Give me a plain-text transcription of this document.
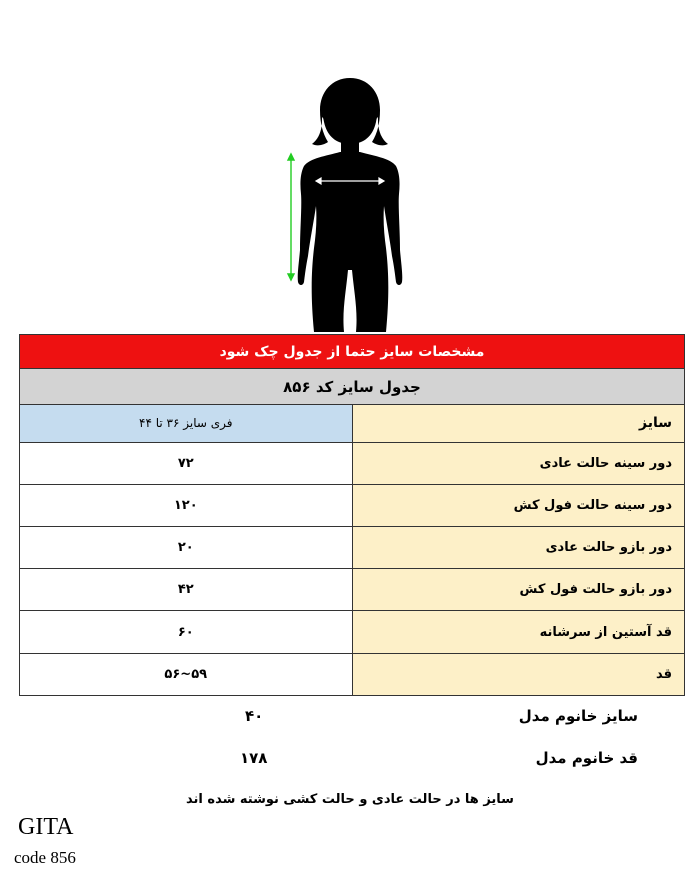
مشخصات سایز حتما از جدول چک شود	
جدول سایز کد ۸۵۶	
سایز	فری سایز ۳۶ تا ۴۴
دور سینه حالت عادی	۷۲
دور سینه حالت فول کش	۱۲۰
دور بازو حالت عادی	۲۰
دور بازو حالت فول کش	۴۲
قد آستین از سرشانه	۶۰
قد	۵۹~۵۶
سایز خانوم مدل
۴۰
قد خانوم مدل
۱۷۸
سایز ها در حالت عادی و حالت کشی نوشته شده اند
GITA
code 856
